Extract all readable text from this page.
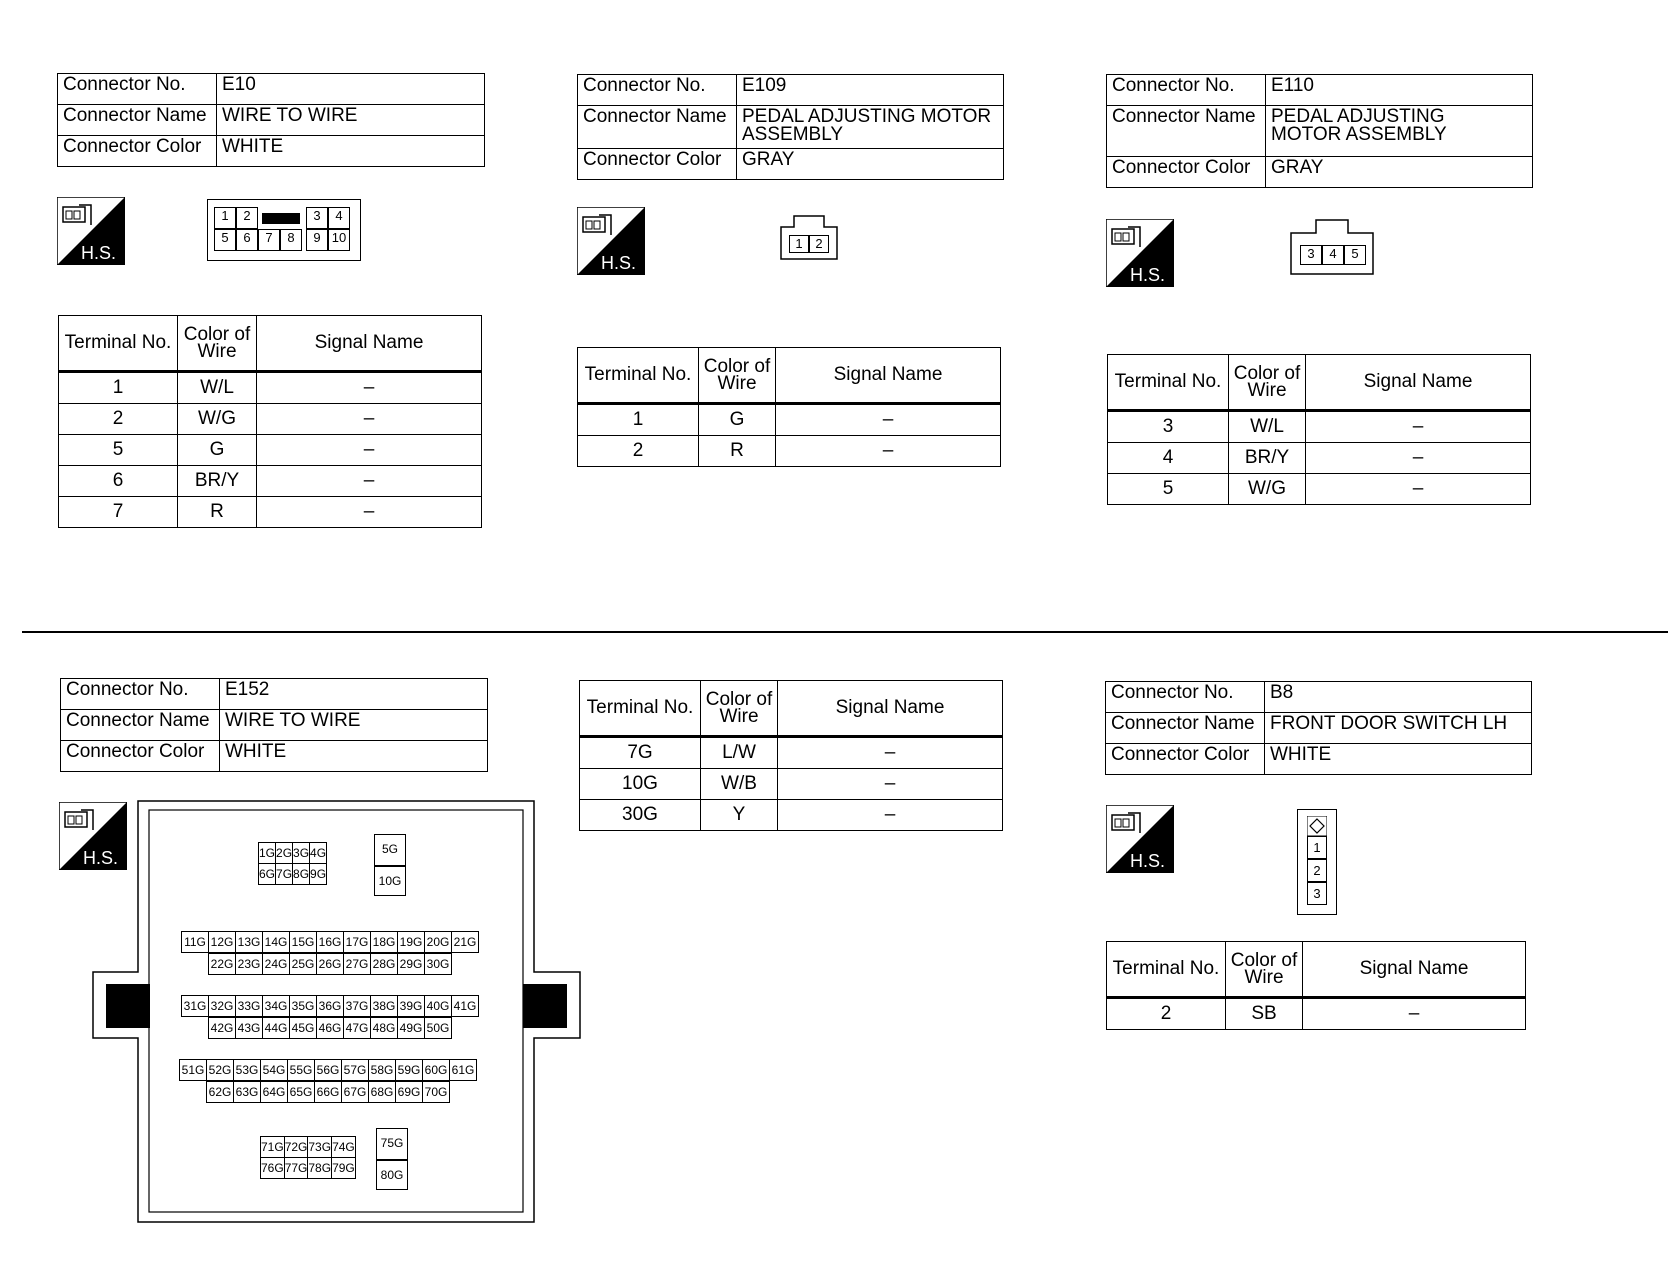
Connector No.	E10
Connector Name	WIRE TO WIRE
Connector Color	WHITE
H.S.
1	2	3	4
5	6	7	8	9 10
Terminal No.	Color of
Wire	Signal Name
1	W/L	–
2	W/G	–
5	G	–
6	BR/Y	–
7	R	–
Connector No.	E109
Connector Name	PEDAL ADJUSTING MOTOR
ASSEMBLY
Connector Color	GRAY
H.S.
1 2
Terminal No.	Color of
Wire	Signal Name
1	G	–
2	R	–
Connector No.	E110
Connector Name	PEDAL ADJUSTING
MOTOR ASSEMBLY
Connector Color	GRAY
H.S.
3	4	5
Terminal No.	Color of
Wire	Signal Name
3	W/L	–
4	BR/Y	–
5	W/G	–
Connector No.	E152
Connector Name	WIRE TO WIRE
Connector Color	WHITE
H.S.	1G	2G	3G	4G
6G	7G	8G	9G
5G
10G
11G	12G	13G	14G	15G	16G	17G	18G	19G	20G	21G
22G	23G	24G	25G	26G	27G	28G	29G	30G
31G	32G	33G	34G	35G	36G	37G	38G	39G	40G	41G
42G	43G	44G	45G	46G	47G	48G	49G	50G
51G	52G	53G	54G	55G	56G	57G	58G	59G	60G	61G
62G	63G	64G	65G	66G	67G	68G	69G	70G
71G	72G	73G	74G
76G	77G	78G	79G
75G
80G
Terminal No.	Color of
Wire	Signal Name
7G	L/W	–
10G	W/B	–
30G	Y	–
Connector No.	B8
Connector Name	FRONT DOOR SWITCH LH
Connector Color	WHITE
H.S.
1
2
3
Terminal No.	Color of
Wire	Signal Name
2	SB	–
